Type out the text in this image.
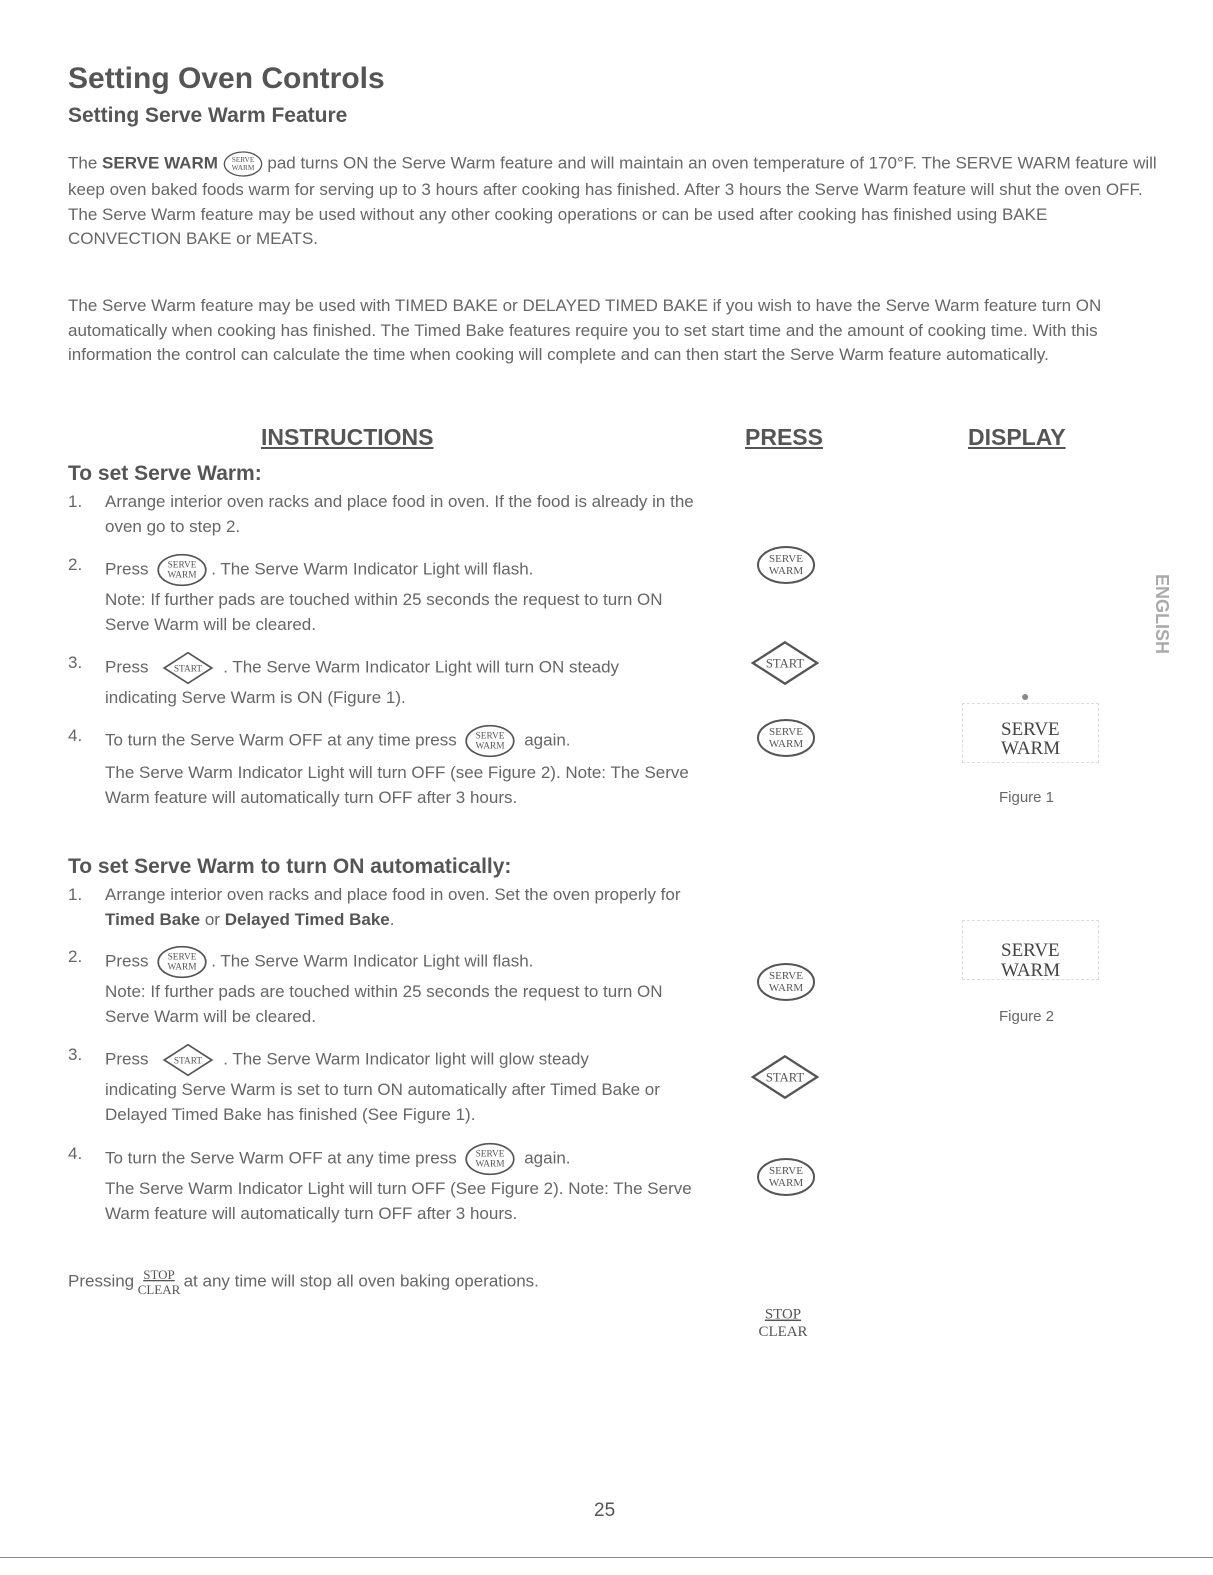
Setting Oven Controls
Setting Serve Warm Feature

The SERVE WARM SERVE
WARM pad turns ON the Serve Warm feature and will maintain an oven temperature of 170°F. The SERVE WARM feature will keep oven baked foods warm for serving up to 3 hours after cooking has finished. After 3 hours the Serve Warm feature will shut the oven OFF. The Serve Warm feature may be used without any other cooking operations or can be used after cooking has finished using BAKE CONVECTION BAKE or MEATS.

The Serve Warm feature may be used with TIMED BAKE or DELAYED TIMED BAKE if you wish to have the Serve Warm feature turn ON automatically when cooking has finished. The Timed Bake features require you to set start time and the amount of cooking time. With this information the control can calculate the time when cooking will complete and can then start the Serve Warm feature automatically.

INSTRUCTIONS	PRESS	DISPLAY
To set Serve Warm:
1. Arrange interior oven racks and place food in oven. If the food is already in the oven go to step 2.
2. Press SERVE
WARM . The Serve Warm Indicator Light will flash.
Note: If further pads are touched within 25 seconds the request to turn ON Serve Warm will be cleared.
3. Press START . The Serve Warm Indicator Light will turn ON steady
indicating Serve Warm is ON (Figure 1).
4. To turn the Serve Warm OFF at any time press SERVE
WARM again.
The Serve Warm Indicator Light will turn OFF (see Figure 2). Note: The Serve Warm feature will automatically turn OFF after 3 hours.
SERVE
WARM
START
SERVE
WARM
●
SERVE
WARM
Figure 1
To set Serve Warm to turn ON automatically:
1. Arrange interior oven racks and place food in oven. Set the oven properly for Timed Bake or Delayed Timed Bake.
2. Press SERVE
WARM . The Serve Warm Indicator Light will flash.
Note: If further pads are touched within 25 seconds the request to turn ON Serve Warm will be cleared.
3. Press START . The Serve Warm Indicator light will glow steady
indicating Serve Warm is set to turn ON automatically after Timed Bake or Delayed Timed Bake has finished (See Figure 1).
4. To turn the Serve Warm OFF at any time press SERVE
WARM again.
The Serve Warm Indicator Light will turn OFF (See Figure 2). Note: The Serve Warm feature will automatically turn OFF after 3 hours.
SERVE
WARM
START
SERVE
WARM
SERVE
WARM
Figure 2
Pressing STOP
CLEAR
at any time will stop all oven baking operations.
STOP
CLEAR
ENGLISH
25
